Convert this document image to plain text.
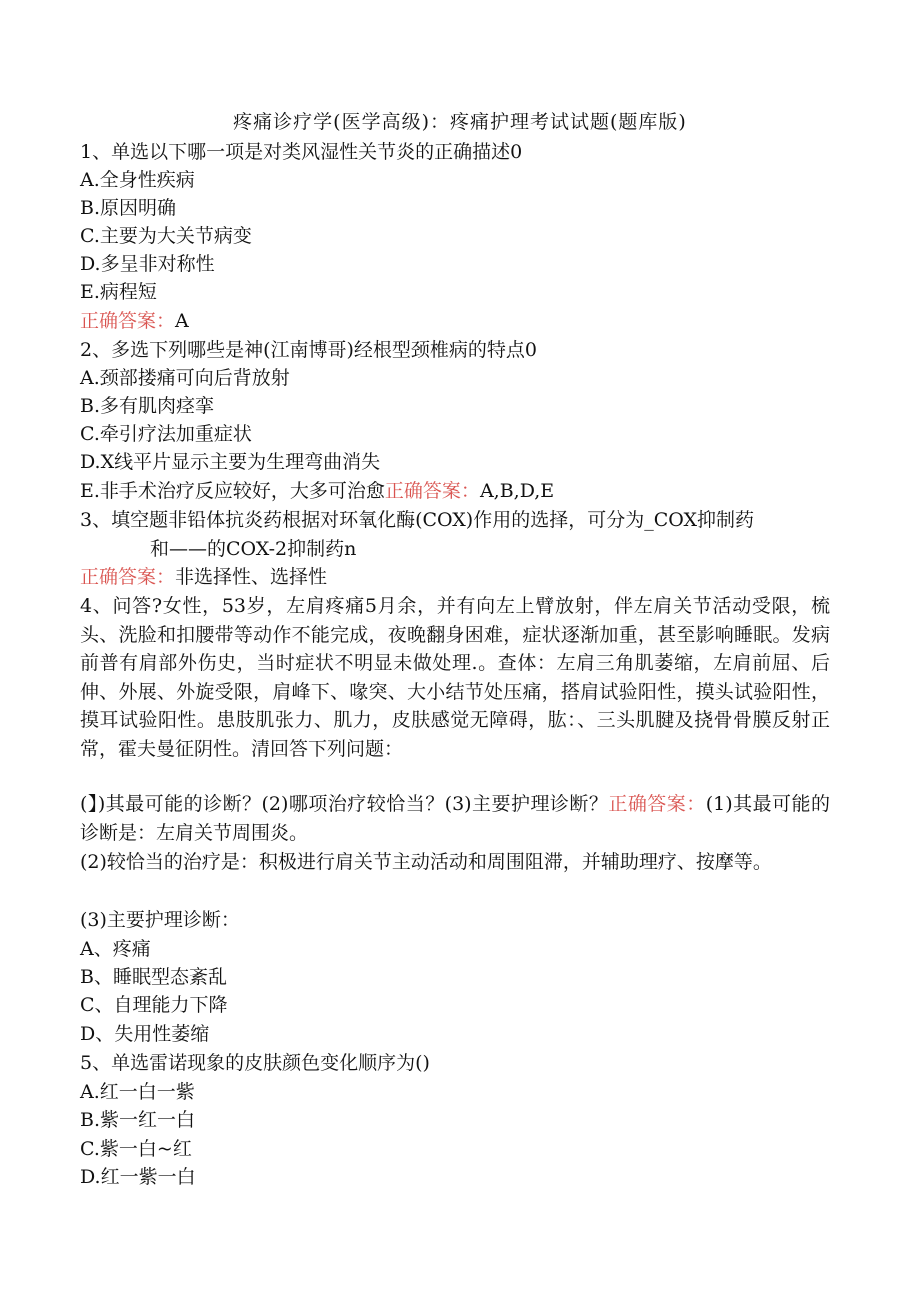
疼痛诊疗学(医学高级)：疼痛护理考试试题(题库版)
1、单选以下哪一项是对类风湿性关节炎的正确描述0
A.全身性疾病
B.原因明确
C.主要为大关节病变
D.多呈非对称性
E.病程短
正确答案：A
2、多选下列哪些是神(江南博哥)经根型颈椎病的特点0
A.颈部搂痛可向后背放射
B.多有肌肉痉挛
C.牵引疗法加重症状
D.X线平片显示主要为生理弯曲消失
E.非手术治疗反应较好，大多可治愈正确答案：A,B,D,E
3、填空题非铅体抗炎药根据对环氧化酶(COX)作用的选择，可分为_COX抑制药
和——的COX-2抑制药n
正确答案：非选择性、选择性
4、问答?女性，53岁，左肩疼痛5月余，并有向左上臂放射，伴左肩关节活动受限，梳头、洗脸和扣腰带等动作不能完成，夜晚翻身困难，症状逐渐加重，甚至影响睡眠。发病前普有肩部外伤史，当时症状不明显未做处理.。查体：左肩三角肌萎缩，左肩前屈、后伸、外展、外旋受限，肩峰下、喙突、大小结节处压痛，搭肩试验阳性，摸头试验阳性，摸耳试验阳性。患肢肌张力、肌力，皮肤感觉无障碍，肱：、三头肌腱及挠骨骨膜反射正常，霍夫曼征阴性。清回答下列问题：
(】)其最可能的诊断？(2)哪项治疗较恰当？(3)主要护理诊断？正确答案：(1)其最可能的诊断是：左肩关节周围炎。
(2)较恰当的治疗是：积极进行肩关节主动活动和周围阻滞，并辅助理疗、按摩等。
(3)主要护理诊断：
A、疼痛
B、睡眠型态紊乱
C、自理能力下降
D、失用性萎缩
5、单选雷诺现象的皮肤颜色变化顺序为()
A.红一白一紫
B.紫一红一白
C.紫一白~红
D.红一紫一白
